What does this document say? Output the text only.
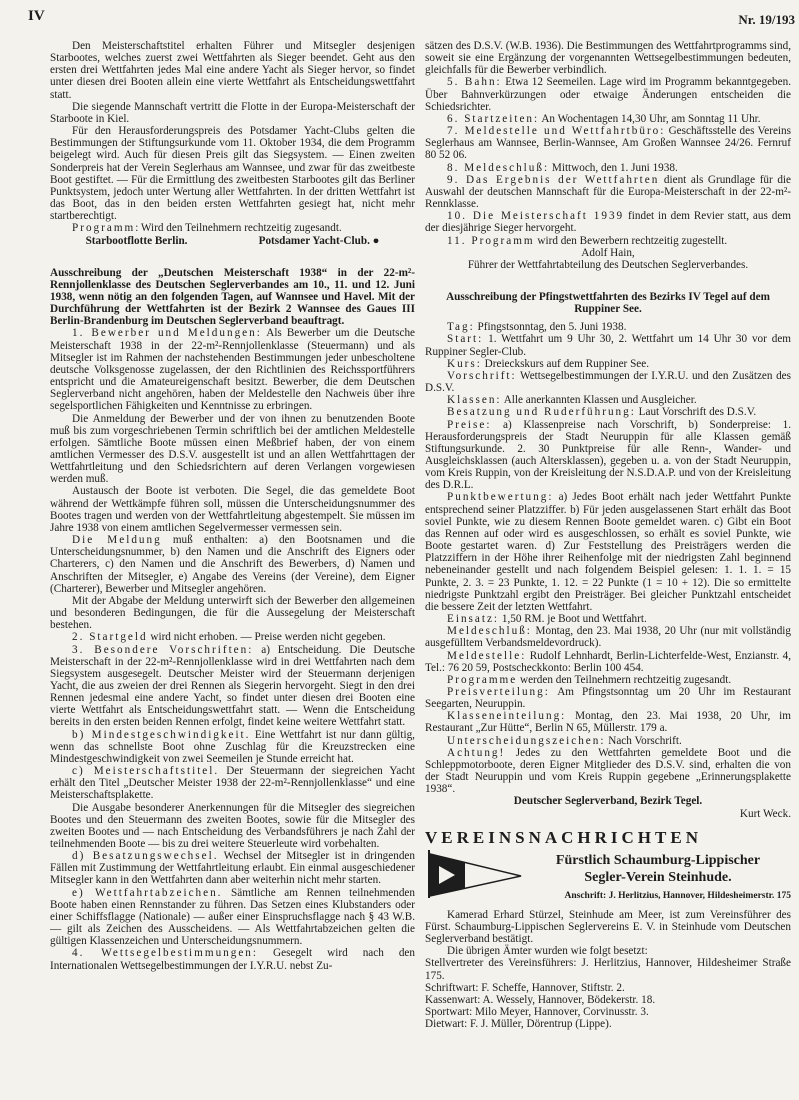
IV	Nr. 19/193

Den Meisterschaftstitel erhalten Führer und Mitsegler desjenigen Starbootes, welches zuerst zwei Wettfahrten als Sieger beendet. Geht aus den ersten drei Wettfahrten jedes Mal eine andere Yacht als Sieger hervor, so findet unter diesen drei Booten allein eine vierte Wettfahrt als Entscheidungswettfahrt statt.

Die siegende Mannschaft vertritt die Flotte in der Europa-Meisterschaft der Starboote in Kiel.

Für den Herausforderungspreis des Potsdamer Yacht-Clubs gelten die Bestimmungen der Stiftungsurkunde vom 11. Oktober 1934, die dem Programm beigelegt wird. Auch für diesen Preis gilt das Siegsystem. — Einen zweiten Sonderpreis hat der Verein Seglerhaus am Wannsee, und zwar für das zweitbeste Boot gestiftet. — Für die Ermittlung des zweitbesten Starbootes gilt das Berliner Punktsystem, jedoch unter Wertung aller Wettfahrten. In der dritten Wettfahrt ist das Boot, das in den beiden ersten Wettfahrten gesiegt hat, nicht mehr startberechtigt.

Programm: Wird den Teilnehmern rechtzeitig zugesandt.

Starbootflotte Berlin.	Potsdamer Yacht-Club. ●

Ausschreibung der „Deutschen Meisterschaft 1938“ in der 22-m²-Rennjollenklasse des Deutschen Seglerverbandes am 10., 11. und 12. Juni 1938, wenn nötig an den folgenden Tagen, auf Wannsee und Havel. Mit der Durchführung der Wettfahrten ist der Bezirk 2 Wannsee des Gaues III Berlin-Brandenburg im Deutschen Seglerverband beauftragt.

1. Bewerber und Meldungen: Als Bewerber um die Deutsche Meisterschaft 1938 in der 22-m²-Rennjollenklasse (Steuermann) und als Mitsegler ist im Rahmen der nachstehenden Bestimmungen jeder unbescholtene deutsche Volksgenosse zugelassen, der den Richtlinien des Reichssportführers entspricht und die Amateureigenschaft besitzt. Bewerber, die dem Deutschen Seglerverband nicht angehören, haben der Meldestelle den Nachweis über ihre segelsportlichen Fähigkeiten und Kenntnisse zu erbringen.

Die Anmeldung der Bewerber und der von ihnen zu benutzenden Boote muß bis zum vorgeschriebenen Termin schriftlich bei der amtlichen Meldestelle erfolgen. Sämtliche Boote müssen einen Meßbrief haben, der von einem amtlichen Vermesser des D.S.V. ausgestellt ist und an allen Wettfahrttagen der Wettfahrtleitung und den Schiedsrichtern auf deren Verlangen vorgewiesen werden muß.

Austausch der Boote ist verboten. Die Segel, die das gemeldete Boot während der Wettkämpfe führen soll, müssen die Unterscheidungsnummer des Bootes tragen und werden von der Wettfahrtleitung abgestempelt. Sie müssen im Jahre 1938 von einem amtlichen Segelvermesser vermessen sein.

Die Meldung muß enthalten: a) den Bootsnamen und die Unterscheidungsnummer, b) den Namen und die Anschrift des Eigners oder Charterers, c) den Namen und die Anschrift des Bewerbers, d) Namen und Anschriften der Mitsegler, e) Angabe des Vereins (der Vereine), dem Eigner (Charterer), Bewerber und Mitsegler angehören.

Mit der Abgabe der Meldung unterwirft sich der Bewerber den allgemeinen und besonderen Bedingungen, die für die Aussegelung der Meisterschaft bestehen.

2. Startgeld wird nicht erhoben. — Preise werden nicht gegeben.

3. Besondere Vorschriften: a) Entscheidung. Die Deutsche Meisterschaft in der 22-m²-Rennjollenklasse wird in drei Wettfahrten nach dem Siegsystem ausgesegelt. Deutscher Meister wird der Steuermann derjenigen Yacht, die aus zweien der drei Rennen als Siegerin hervorgeht. Siegt in den drei Rennen jedesmal eine andere Yacht, so findet unter diesen drei Booten eine vierte Wettfahrt als Entscheidungswettfahrt statt. — Wenn die Entscheidung bereits in den ersten beiden Rennen erfolgt, findet keine weitere Wettfahrt statt.

b) Mindestgeschwindigkeit. Eine Wettfahrt ist nur dann gültig, wenn das schnellste Boot ohne Zuschlag für die Kreuzstrecken eine Mindestgeschwindigkeit von zwei Seemeilen je Stunde erreicht hat.

c) Meisterschaftstitel. Der Steuermann der siegreichen Yacht erhält den Titel „Deutscher Meister 1938 der 22-m²-Rennjollenklasse“ und eine Meisterschaftsplakette.

Die Ausgabe besonderer Anerkennungen für die Mitsegler des siegreichen Bootes und den Steuermann des zweiten Bootes, sowie für die Mitsegler des zweiten Bootes und — nach Entscheidung des Verbandsführers je nach Zahl der teilnehmenden Boote — bis zu drei weitere Steuerleute wird vorbehalten.

d) Besatzungswechsel. Wechsel der Mitsegler ist in dringenden Fällen mit Zustimmung der Wettfahrtleitung erlaubt. Ein einmal ausgeschiedener Mitsegler kann in den Wettfahrten dann aber weiterhin nicht mehr starten.

e) Wettfahrtabzeichen. Sämtliche am Rennen teilnehmenden Boote haben einen Rennstander zu führen. Das Setzen eines Klubstanders oder einer Schiffsflagge (Nationale) — außer einer Einspruchsflagge nach § 43 W.B. — gilt als Zeichen des Ausscheidens. — Als Wettfahrtabzeichen gelten die gültigen Klassenzeichen und Unterscheidungsnummern.

4. Wettsegelbestimmungen: Gesegelt wird nach den Internationalen Wettsegelbestimmungen der I.Y.R.U. nebst Zu-

sätzen des D.S.V. (W.B. 1936). Die Bestimmungen des Wettfahrtprogramms sind, soweit sie eine Ergänzung der vorgenannten Wettsegelbestimmungen bedeuten, gleichfalls für die Bewerber verbindlich.

5. Bahn: Etwa 12 Seemeilen. Lage wird im Programm bekanntgegeben. Über Bahnverkürzungen oder etwaige Änderungen entscheiden die Schiedsrichter.

6. Startzeiten: An Wochentagen 14,30 Uhr, am Sonntag 11 Uhr.

7. Meldestelle und Wettfahrtbüro: Geschäftsstelle des Vereins Seglerhaus am Wannsee, Berlin-Wannsee, Am Großen Wannsee 24/26. Fernruf 80 52 06.

8. Meldeschluß: Mittwoch, den 1. Juni 1938.

9. Das Ergebnis der Wettfahrten dient als Grundlage für die Auswahl der deutschen Mannschaft für die Europa-Meisterschaft in der 22-m²-Rennklasse.

10. Die Meisterschaft 1939 findet in dem Revier statt, aus dem der diesjährige Sieger hervorgeht.

11. Programm wird den Bewerbern rechtzeitig zugestellt.

Adolf Hain,

Führer der Wettfahrtabteilung des Deutschen Seglerverbandes.

Ausschreibung der Pfingstwettfahrten des Bezirks IV Tegel auf dem Ruppiner See.

Tag: Pfingstsonntag, den 5. Juni 1938.

Start: 1. Wettfahrt um 9 Uhr 30, 2. Wettfahrt um 14 Uhr 30 vor dem Ruppiner Segler-Club.

Kurs: Dreieckskurs auf dem Ruppiner See.

Vorschrift: Wettsegelbestimmungen der I.Y.R.U. und den Zusätzen des D.S.V.

Klassen: Alle anerkannten Klassen und Ausgleicher.

Besatzung und Ruderführung: Laut Vorschrift des D.S.V.

Preise: a) Klassenpreise nach Vorschrift, b) Sonderpreise: 1. Herausforderungspreis der Stadt Neuruppin für alle Klassen gemäß Stiftungsurkunde. 2. 30 Punktpreise für alle Renn-, Wander- und Ausgleichsklassen (auch Altersklassen), gegeben u. a. von der Stadt Neuruppin, vom Kreis Ruppin, von der Kreisleitung der N.S.D.A.P. und von der Kreisleitung des D.R.L.

Punktbewertung: a) Jedes Boot erhält nach jeder Wettfahrt Punkte entsprechend seiner Platzziffer. b) Für jeden ausgelassenen Start erhält das Boot soviel Punkte, wie zu diesem Rennen Boote gemeldet waren. c) Gibt ein Boot das Rennen auf oder wird es ausgeschlossen, so erhält es soviel Punkte, wie Boote gestartet waren. d) Zur Feststellung des Preisträgers werden die Platzziffern in der Höhe ihrer Reihenfolge mit der niedrigsten Zahl beginnend nebeneinander gestellt und nach folgendem Beispiel gelesen: 1. 1. 1. = 15 Punkte, 2. 3. = 23 Punkte, 1. 12. = 22 Punkte (1 = 10 + 12). Die so ermittelte niedrigste Punktzahl ergibt den Preisträger. Bei gleicher Punktzahl entscheidet die bessere Zeit der letzten Wettfahrt.

Einsatz: 1,50 RM. je Boot und Wettfahrt.

Meldeschluß: Montag, den 23. Mai 1938, 20 Uhr (nur mit vollständig ausgefülltem Verbandsmeldevordruck).

Meldestelle: Rudolf Lehnhardt, Berlin-Lichterfelde-West, Enzianstr. 4, Tel.: 76 20 59, Postscheckkonto: Berlin 100 454.

Programme werden den Teilnehmern rechtzeitig zugesandt.

Preisverteilung: Am Pfingstsonntag um 20 Uhr im Restaurant Seegarten, Neuruppin.

Klasseneinteilung: Montag, den 23. Mai 1938, 20 Uhr, im Restaurant „Zur Hütte“, Berlin N 65, Müllerstr. 179 a.

Unterscheidungszeichen: Nach Vorschrift.

Achtung! Jedes zu den Wettfahrten gemeldete Boot und die Schleppmotorboote, deren Eigner Mitglieder des D.S.V. sind, erhalten die von der Stadt Neuruppin und vom Kreis Ruppin gegebene „Erinnerungsplakette 1938“.

Deutscher Seglerverband, Bezirk Tegel.

Kurt Weck.

VEREINSNACHRICHTEN
Fürstlich Schaumburg-Lippischer
Segler-Verein Steinhude.
Anschrift: J. Herlitzius, Hannover, Hildesheimerstr. 175

Kamerad Erhard Stürzel, Steinhude am Meer, ist zum Vereinsführer des Fürst. Schaumburg-Lippischen Seglervereins E. V. in Steinhude vom Deutschen Seglerverband bestätigt.

Die übrigen Ämter wurden wie folgt besetzt:

Stellvertreter des Vereinsführers: J. Herlitzius, Hannover, Hildesheimer Straße 175.

Schriftwart: F. Scheffe, Hannover, Stiftstr. 2.

Kassenwart: A. Wessely, Hannover, Bödekerstr. 18.

Sportwart: Milo Meyer, Hannover, Corvinusstr. 3.

Dietwart: F. J. Müller, Dörentrup (Lippe).
